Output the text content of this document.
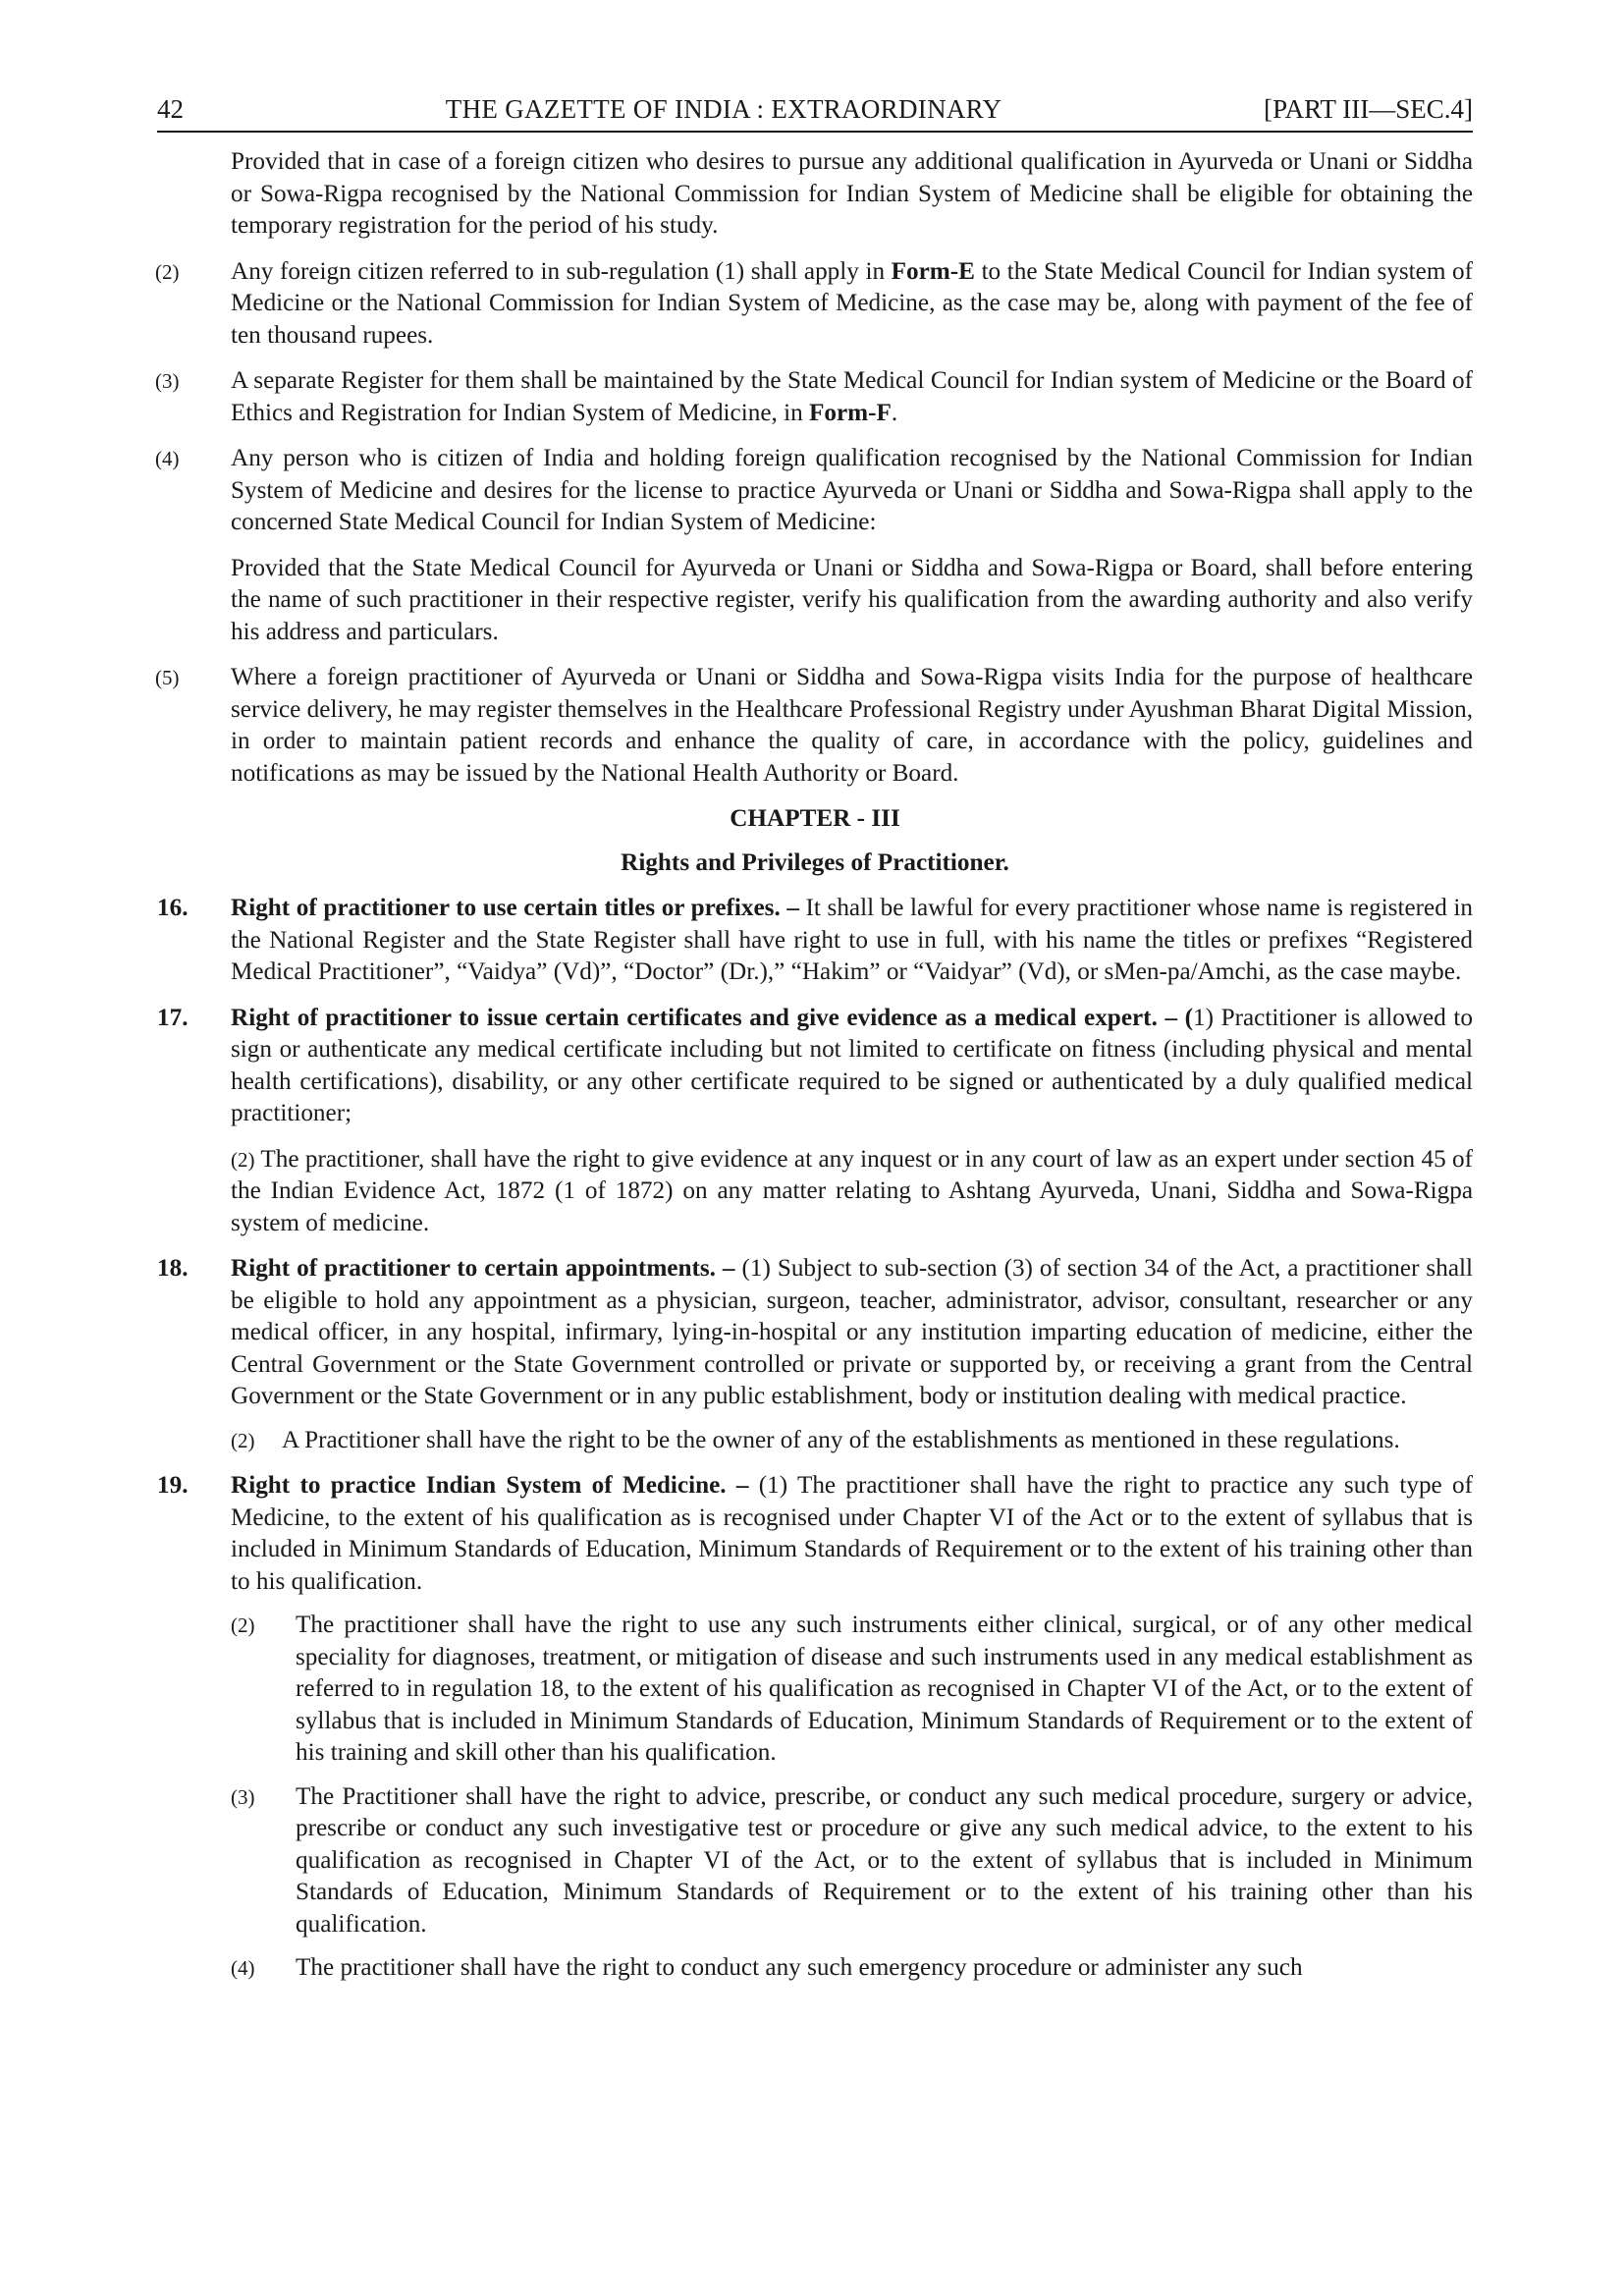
42	THE GAZETTE OF INDIA : EXTRAORDINARY	[PART III—SEC.4]
Provided that in case of a foreign citizen who desires to pursue any additional qualification in Ayurveda or Unani or Siddha or Sowa-Rigpa recognised by the National Commission for Indian System of Medicine shall be eligible for obtaining the temporary registration for the period of his study.
(2) Any foreign citizen referred to in sub-regulation (1) shall apply in Form-E to the State Medical Council for Indian system of Medicine or the National Commission for Indian System of Medicine, as the case may be, along with payment of the fee of ten thousand rupees.
(3) A separate Register for them shall be maintained by the State Medical Council for Indian system of Medicine or the Board of Ethics and Registration for Indian System of Medicine, in Form-F.
(4) Any person who is citizen of India and holding foreign qualification recognised by the National Commission for Indian System of Medicine and desires for the license to practice Ayurveda or Unani or Siddha and Sowa-Rigpa shall apply to the concerned State Medical Council for Indian System of Medicine:
Provided that the State Medical Council for Ayurveda or Unani or Siddha and Sowa-Rigpa or Board, shall before entering the name of such practitioner in their respective register, verify his qualification from the awarding authority and also verify his address and particulars.
(5) Where a foreign practitioner of Ayurveda or Unani or Siddha and Sowa-Rigpa visits India for the purpose of healthcare service delivery, he may register themselves in the Healthcare Professional Registry under Ayushman Bharat Digital Mission, in order to maintain patient records and enhance the quality of care, in accordance with the policy, guidelines and notifications as may be issued by the National Health Authority or Board.
CHAPTER - III
Rights and Privileges of Practitioner.
16. Right of practitioner to use certain titles or prefixes. – It shall be lawful for every practitioner whose name is registered in the National Register and the State Register shall have right to use in full, with his name the titles or prefixes “Registered Medical Practitioner”, “Vaidya” (Vd)”, “Doctor” (Dr.),” “Hakim” or “Vaidyar” (Vd), or sMen-pa/Amchi, as the case maybe.
17. Right of practitioner to issue certain certificates and give evidence as a medical expert. – (1) Practitioner is allowed to sign or authenticate any medical certificate including but not limited to certificate on fitness (including physical and mental health certifications), disability, or any other certificate required to be signed or authenticated by a duly qualified medical practitioner;
(2) The practitioner, shall have the right to give evidence at any inquest or in any court of law as an expert under section 45 of the Indian Evidence Act, 1872 (1 of 1872) on any matter relating to Ashtang Ayurveda, Unani, Siddha and Sowa-Rigpa system of medicine.
18. Right of practitioner to certain appointments. – (1) Subject to sub-section (3) of section 34 of the Act, a practitioner shall be eligible to hold any appointment as a physician, surgeon, teacher, administrator, advisor, consultant, researcher or any medical officer, in any hospital, infirmary, lying-in-hospital or any institution imparting education of medicine, either the Central Government or the State Government controlled or private or supported by, or receiving a grant from the Central Government or the State Government or in any public establishment, body or institution dealing with medical practice.
(2) A Practitioner shall have the right to be the owner of any of the establishments as mentioned in these regulations.
19. Right to practice Indian System of Medicine. – (1) The practitioner shall have the right to practice any such type of Medicine, to the extent of his qualification as is recognised under Chapter VI of the Act or to the extent of syllabus that is included in Minimum Standards of Education, Minimum Standards of Requirement or to the extent of his training other than to his qualification.
(2) The practitioner shall have the right to use any such instruments either clinical, surgical, or of any other medical speciality for diagnoses, treatment, or mitigation of disease and such instruments used in any medical establishment as referred to in regulation 18, to the extent of his qualification as recognised in Chapter VI of the Act, or to the extent of syllabus that is included in Minimum Standards of Education, Minimum Standards of Requirement or to the extent of his training and skill other than his qualification.
(3) The Practitioner shall have the right to advice, prescribe, or conduct any such medical procedure, surgery or advice, prescribe or conduct any such investigative test or procedure or give any such medical advice, to the extent to his qualification as recognised in Chapter VI of the Act, or to the extent of syllabus that is included in Minimum Standards of Education, Minimum Standards of Requirement or to the extent of his training other than his qualification.
(4) The practitioner shall have the right to conduct any such emergency procedure or administer any such
